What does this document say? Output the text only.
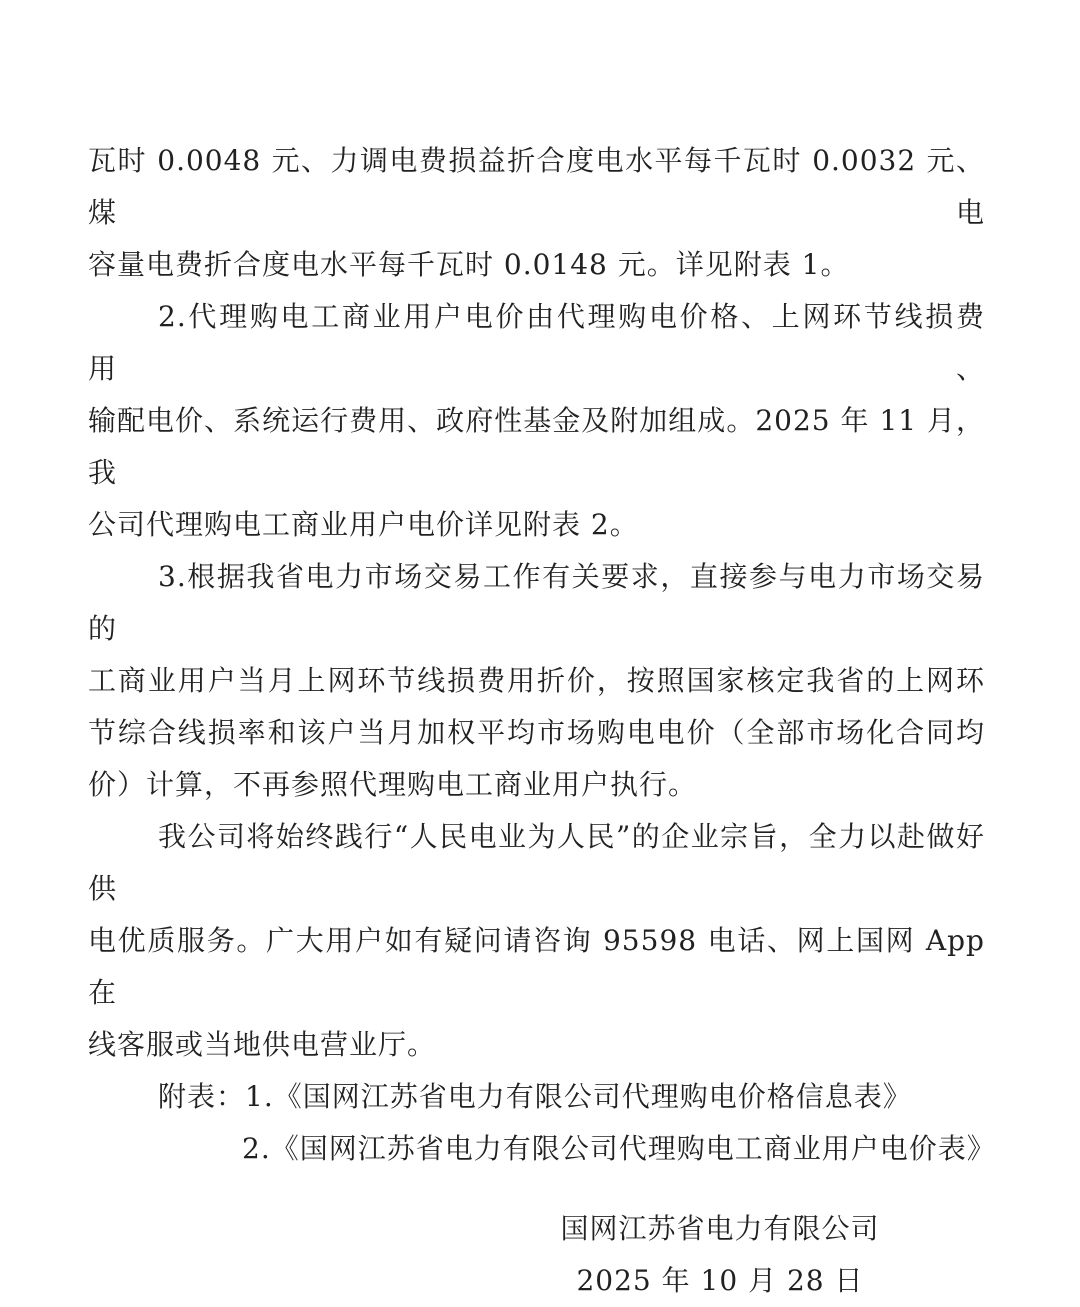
瓦时 0.0048 元、力调电费损益折合度电水平每千瓦时 0.0032 元、煤电
容量电费折合度电水平每千瓦时 0.0148 元。详见附表 1。
2.代理购电工商业用户电价由代理购电价格、上网环节线损费用、
输配电价、系统运行费用、政府性基金及附加组成。2025 年 11 月，我
公司代理购电工商业用户电价详见附表 2。
3.根据我省电力市场交易工作有关要求，直接参与电力市场交易的
工商业用户当月上网环节线损费用折价，按照国家核定我省的上网环
节综合线损率和该户当月加权平均市场购电电价（全部市场化合同均
价）计算，不再参照代理购电工商业用户执行。
我公司将始终践行“人民电业为人民”的企业宗旨，全力以赴做好供
电优质服务。广大用户如有疑问请咨询 95598 电话、网上国网 App 在
线客服或当地供电营业厅。
附表：1.《国网江苏省电力有限公司代理购电价格信息表》
2.《国网江苏省电力有限公司代理购电工商业用户电价表》
国网江苏省电力有限公司
2025 年 10 月 28 日
